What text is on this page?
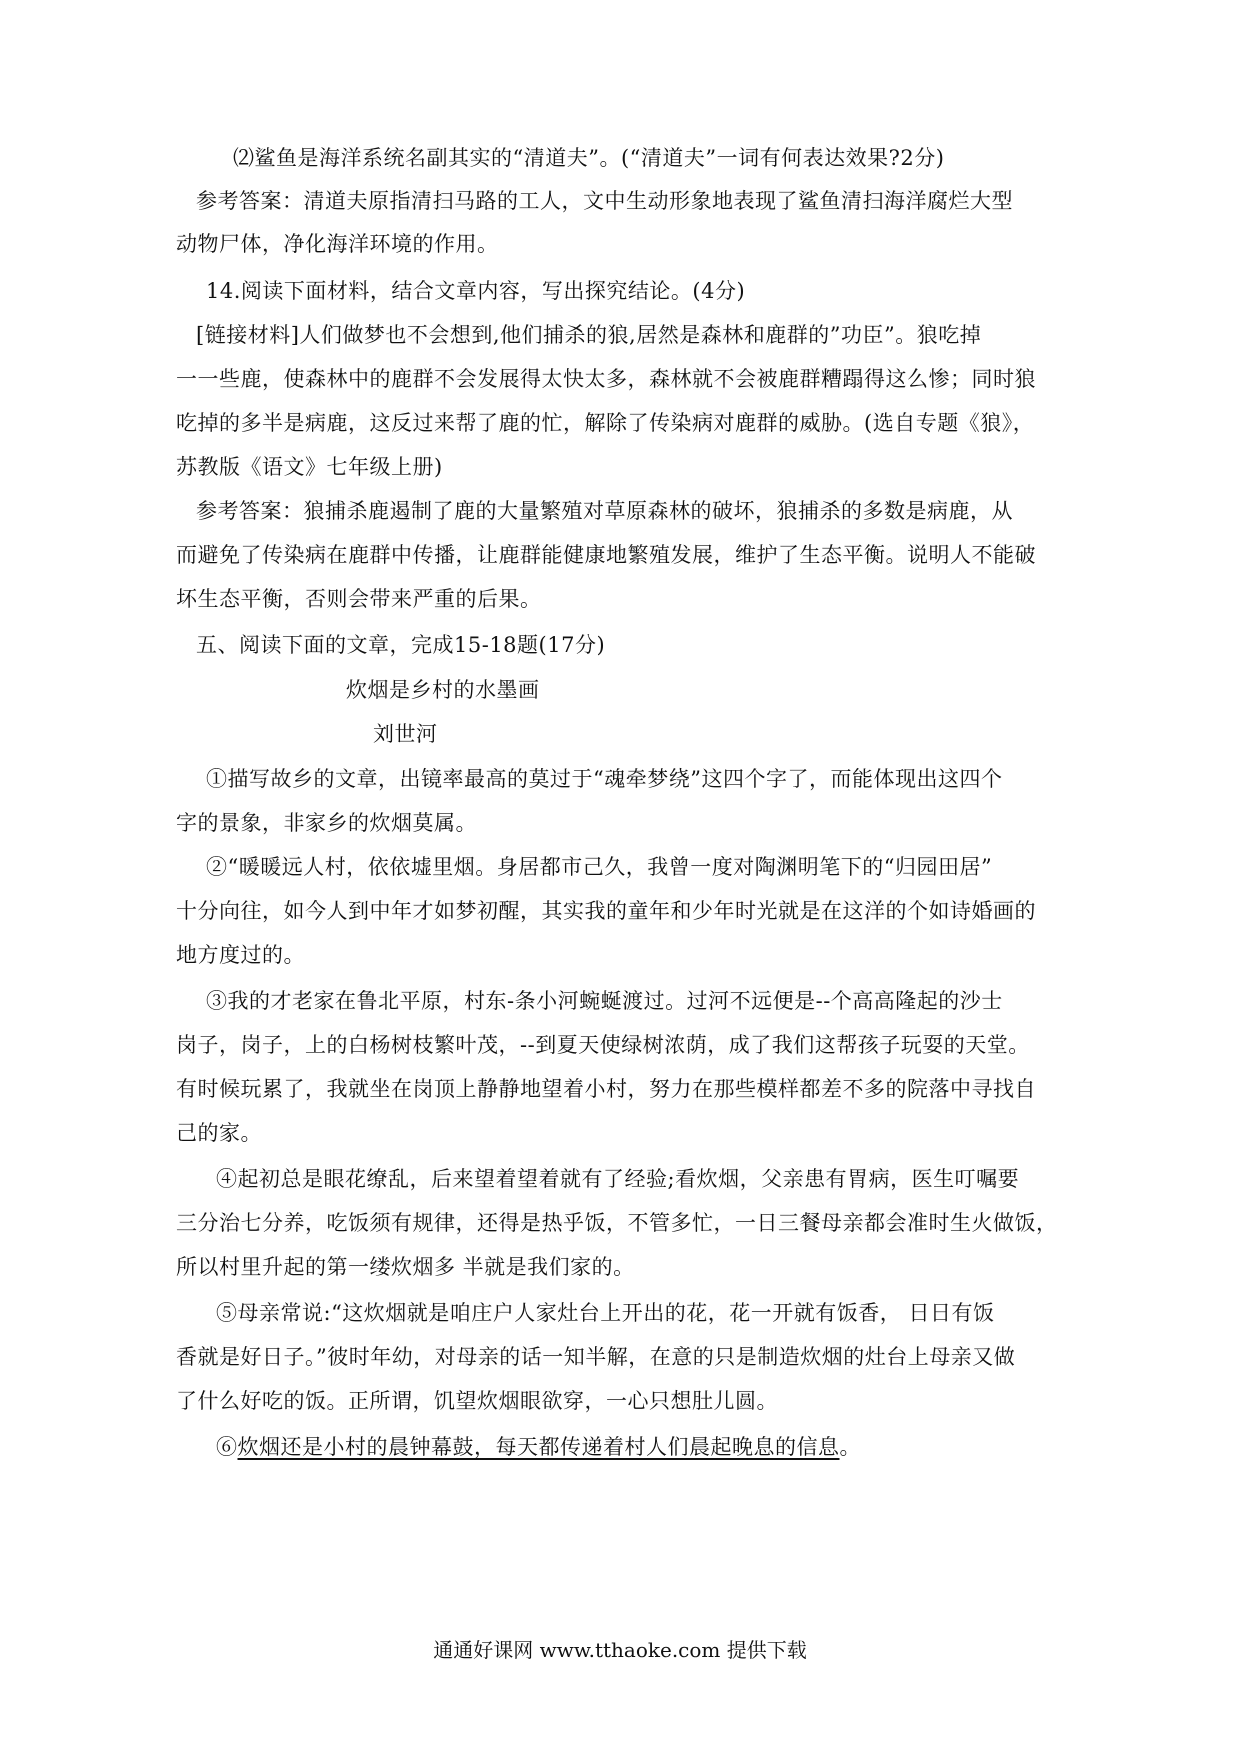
⑵鲨鱼是海洋系统名副其实的“清道夫”。(“清道夫”一词有何表达效果?2分)
参考答案：清道夫原指清扫马路的工人，文中生动形象地表现了鲨鱼清扫海洋腐烂大型
动物尸体，净化海洋环境的作用。
14.阅读下面材料，结合文章内容，写出探究结论。(4分)
[链接材料]人们做梦也不会想到,他们捕杀的狼,居然是森林和鹿群的”功臣”。狼吃掉
一一些鹿，使森林中的鹿群不会发展得太快太多，森林就不会被鹿群糟蹋得这么惨；同时狼
吃掉的多半是病鹿，这反过来帮了鹿的忙，解除了传染病对鹿群的威胁。(选自专题《狼》，
苏教版《语文》七年级上册)
参考答案：狼捕杀鹿遏制了鹿的大量繁殖对草原森林的破坏，狼捕杀的多数是病鹿，从
而避免了传染病在鹿群中传播，让鹿群能健康地繁殖发展，维护了生态平衡。说明人不能破
坏生态平衡，否则会带来严重的后果。
五、阅读下面的文章，完成15-18题(17分)
炊烟是乡村的水墨画
刘世河
①描写故乡的文章，出镜率最高的莫过于“魂牵梦绕”这四个字了，而能体现出这四个
字的景象，非家乡的炊烟莫属。
②“暖暖远人村，依依墟里烟。身居都市己久，我曾一度对陶渊明笔下的“归园田居”
十分向往，如今人到中年才如梦初醒，其实我的童年和少年时光就是在这洋的个如诗婚画的
地方度过的。
③我的才老家在鲁北平原，村东-条小河蜿蜒渡过。过河不远便是--个高高隆起的沙士
岗子，岗子，上的白杨树枝繁叶茂，--到夏天使绿树浓荫，成了我们这帮孩子玩耍的天堂。
有时候玩累了，我就坐在岗顶上静静地望着小村，努力在那些模样都差不多的院落中寻找自
己的家。
④起初总是眼花缭乱，后来望着望着就有了经验;看炊烟，父亲患有胃病，医生叮嘱要
三分治七分养，吃饭须有规律，还得是热乎饭，不管多忙，一日三餐母亲都会准时生火做饭，
所以村里升起的第一缕炊烟多 半就是我们家的。
⑤母亲常说:“这炊烟就是咱庄户人家灶台上开出的花，花一开就有饭香， 日日有饭
香就是好日子。”彼时年幼，对母亲的话一知半解，在意的只是制造炊烟的灶台上母亲又做
了什么好吃的饭。正所谓，饥望炊烟眼欲穿，一心只想肚儿圆。
⑥炊烟还是小村的晨钟幕鼓，每天都传递着村人们晨起晚息的信息。
通通好课网 www.tthaoke.com 提供下载
